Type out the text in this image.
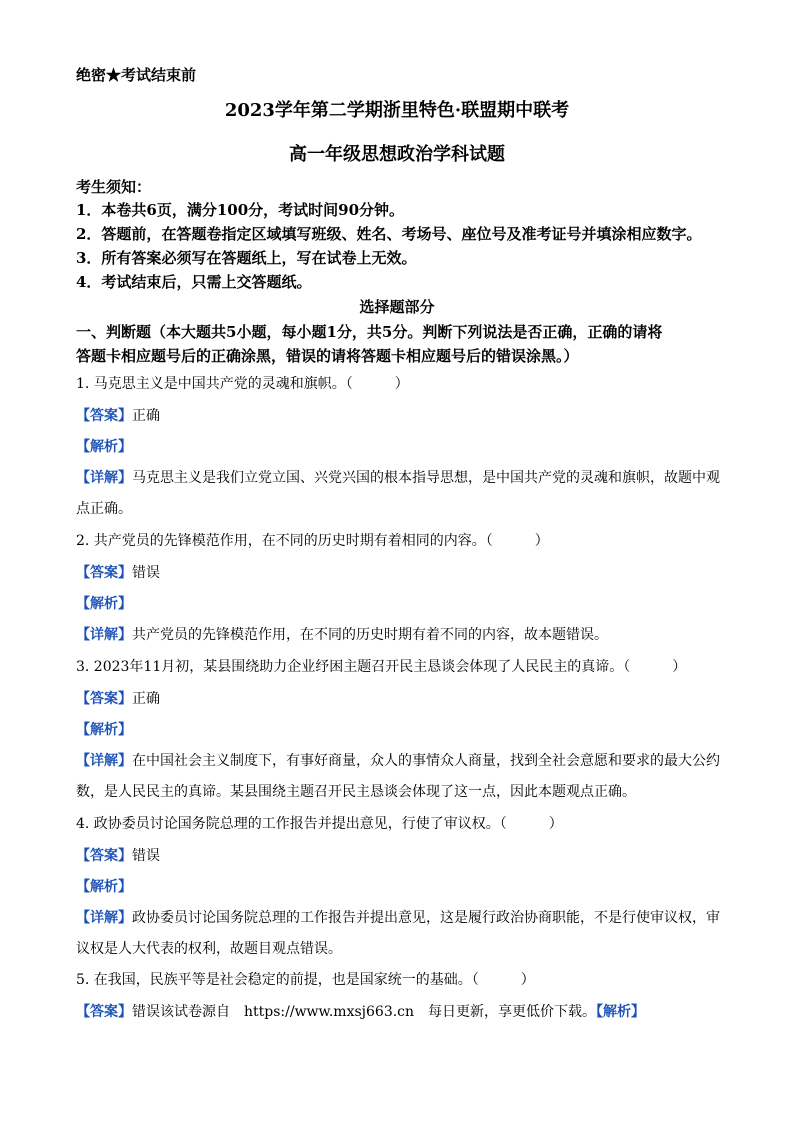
绝密★考试结束前
2023学年第二学期浙里特色·联盟期中联考
高一年级思想政治学科试题
考生须知：
1．本卷共6页，满分100分，考试时间90分钟。
2．答题前，在答题卷指定区域填写班级、姓名、考场号、座位号及准考证号并填涂相应数字。
3．所有答案必须写在答题纸上，写在试卷上无效。
4．考试结束后，只需上交答题纸。
选择题部分
一、判断题（本大题共5小题，每小题1分，共5分。判断下列说法是否正确，正确的请将
答题卡相应题号后的正确涂黑，错误的请将答题卡相应题号后的错误涂黑。）
1. 马克思主义是中国共产党的灵魂和旗帜。（　　　）
【答案】正确
【解析】
【详解】马克思主义是我们立党立国、兴党兴国的根本指导思想，是中国共产党的灵魂和旗帜，故题中观
点正确。
2. 共产党员的先锋模范作用，在不同的历史时期有着相同的内容。（　　　）
【答案】错误
【解析】
【详解】共产党员的先锋模范作用，在不同的历史时期有着不同的内容，故本题错误。
3. 2023年11月初，某县围绕助力企业纾困主题召开民主恳谈会体现了人民民主的真谛。（　　　）
【答案】正确
【解析】
【详解】在中国社会主义制度下，有事好商量，众人的事情众人商量，找到全社会意愿和要求的最大公约
数，是人民民主的真谛。某县围绕主题召开民主恳谈会体现了这一点，因此本题观点正确。
4. 政协委员讨论国务院总理的工作报告并提出意见，行使了审议权。（　　　）
【答案】错误
【解析】
【详解】政协委员讨论国务院总理的工作报告并提出意见，这是履行政治协商职能，不是行使审议权，审
议权是人大代表的权利，故题目观点错误。
5. 在我国，民族平等是社会稳定的前提，也是国家统一的基础。（　　　）
【答案】错误该试卷源自　https://www.mxsj663.cn　每日更新，享更低价下载。【解析】
